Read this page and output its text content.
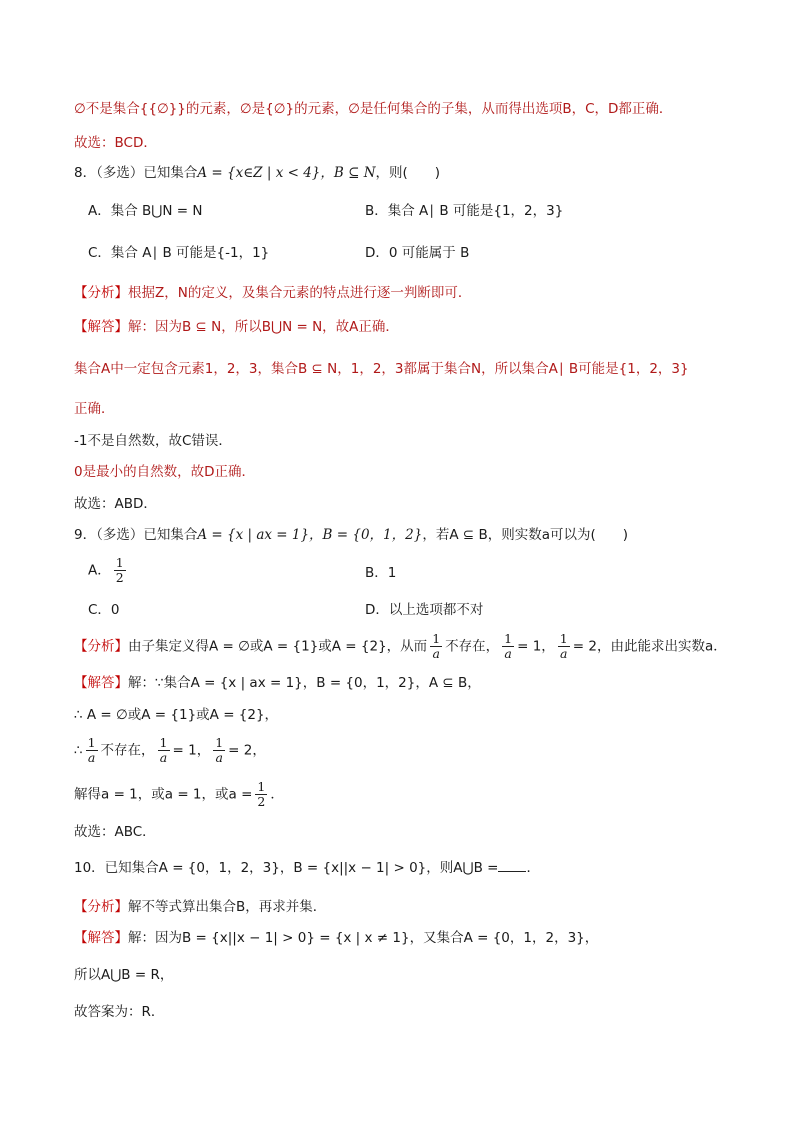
∅不是集合{{∅}}的元素，∅是{∅}的元素，∅是任何集合的子集，从而得出选项B，C，D都正确．
故选：BCD．
8．（多选）已知集合A = {x∈Z | x < 4}，B ⊆ N，则(　　)
A．集合 B⋃N = N	B．集合 A∣ B 可能是{1，2，3}
C．集合 A∣ B 可能是{-1，1}	D．0 可能属于 B
【分析】根据Z，N的定义，及集合元素的特点进行逐一判断即可．
【解答】解：因为B ⊆ N，所以B⋃N = N，故A正确．
集合A中一定包含元素1，2，3，集合B ⊆ N，1，2，3都属于集合N，所以集合A∣ B可能是{1，2，3}
正确．
-1不是自然数，故C错误．
0是最小的自然数，故D正确．
故选：ABD．
9．（多选）已知集合A = {x | ax = 1}，B = {0，1，2}，若A ⊆ B，则实数a可以为(　　)
A． $\frac{1}{2}$	B．1
C．0	D．以上选项都不对
【分析】由子集定义得A = ∅或A = {1}或A = {2}，从而 $\frac{1}{a}$ 不存在， $\frac{1}{a} = 1$， $\frac{1}{a} = 2$，由此能求出实数a．
【解答】解：∵集合A = {x | ax = 1}，B = {0，1，2}，A ⊆ B，
∴ A = ∅或A = {1}或A = {2}，
∴ $\frac{1}{a}$ 不存在， $\frac{1}{a} = 1$， $\frac{1}{a} = 2$，
解得a = 1，或a = 1，或$a = \frac{1}{2}$ ．
故选：ABC．
10．已知集合A = {0，1，2，3}，B = {x||x − 1| > 0}，则A⋃B = ．
【分析】解不等式算出集合B，再求并集．
【解答】解：因为B = {x||x − 1| > 0} = {x | x ≠ 1}，又集合A = {0，1，2，3}，
所以A⋃B = R，
故答案为：R．
